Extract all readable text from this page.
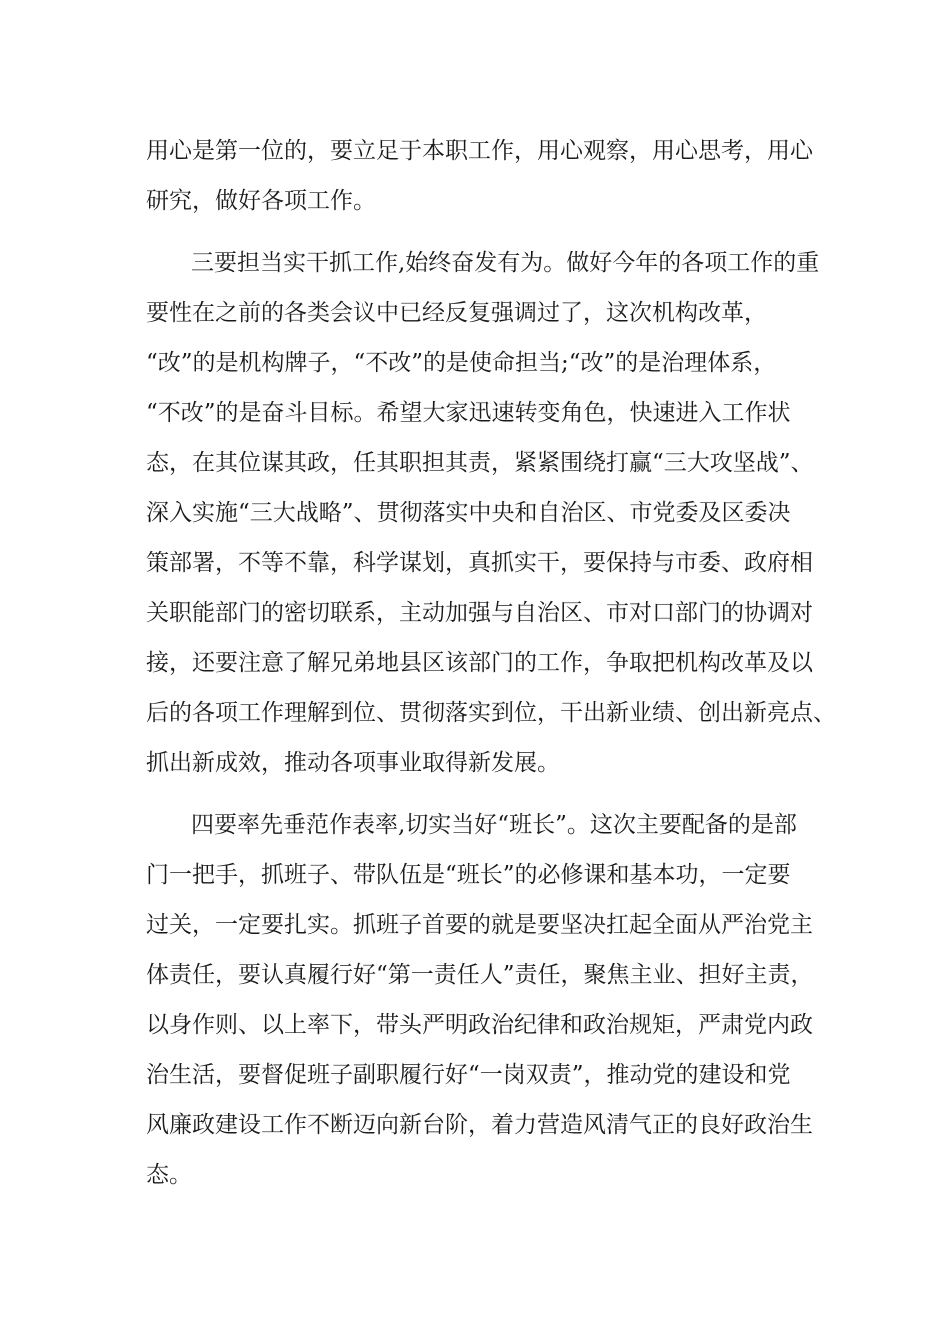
用心是第一位的，要立足于本职工作，用心观察，用心思考，用心

研究，做好各项工作。

三要担当实干抓工作,始终奋发有为。做好今年的各项工作的重

要性在之前的各类会议中已经反复强调过了，这次机构改革，

“改”的是机构牌子，“不改”的是使命担当;“改”的是治理体系，

“不改”的是奋斗目标。希望大家迅速转变角色，快速进入工作状

态，在其位谋其政，任其职担其责，紧紧围绕打赢“三大攻坚战”、

深入实施“三大战略”、贯彻落实中央和自治区、市党委及区委决

策部署，不等不靠，科学谋划，真抓实干，要保持与市委、政府相

关职能部门的密切联系，主动加强与自治区、市对口部门的协调对

接，还要注意了解兄弟地县区该部门的工作，争取把机构改革及以

后的各项工作理解到位、贯彻落实到位，干出新业绩、创出新亮点、

抓出新成效，推动各项事业取得新发展。

四要率先垂范作表率,切实当好“班长”。这次主要配备的是部

门一把手，抓班子、带队伍是“班长”的必修课和基本功，一定要

过关，一定要扎实。抓班子首要的就是要坚决扛起全面从严治党主

体责任，要认真履行好“第一责任人”责任，聚焦主业、担好主责，

以身作则、以上率下，带头严明政治纪律和政治规矩，严肃党内政

治生活，要督促班子副职履行好“一岗双责”，推动党的建设和党

风廉政建设工作不断迈向新台阶，着力营造风清气正的良好政治生

态。
